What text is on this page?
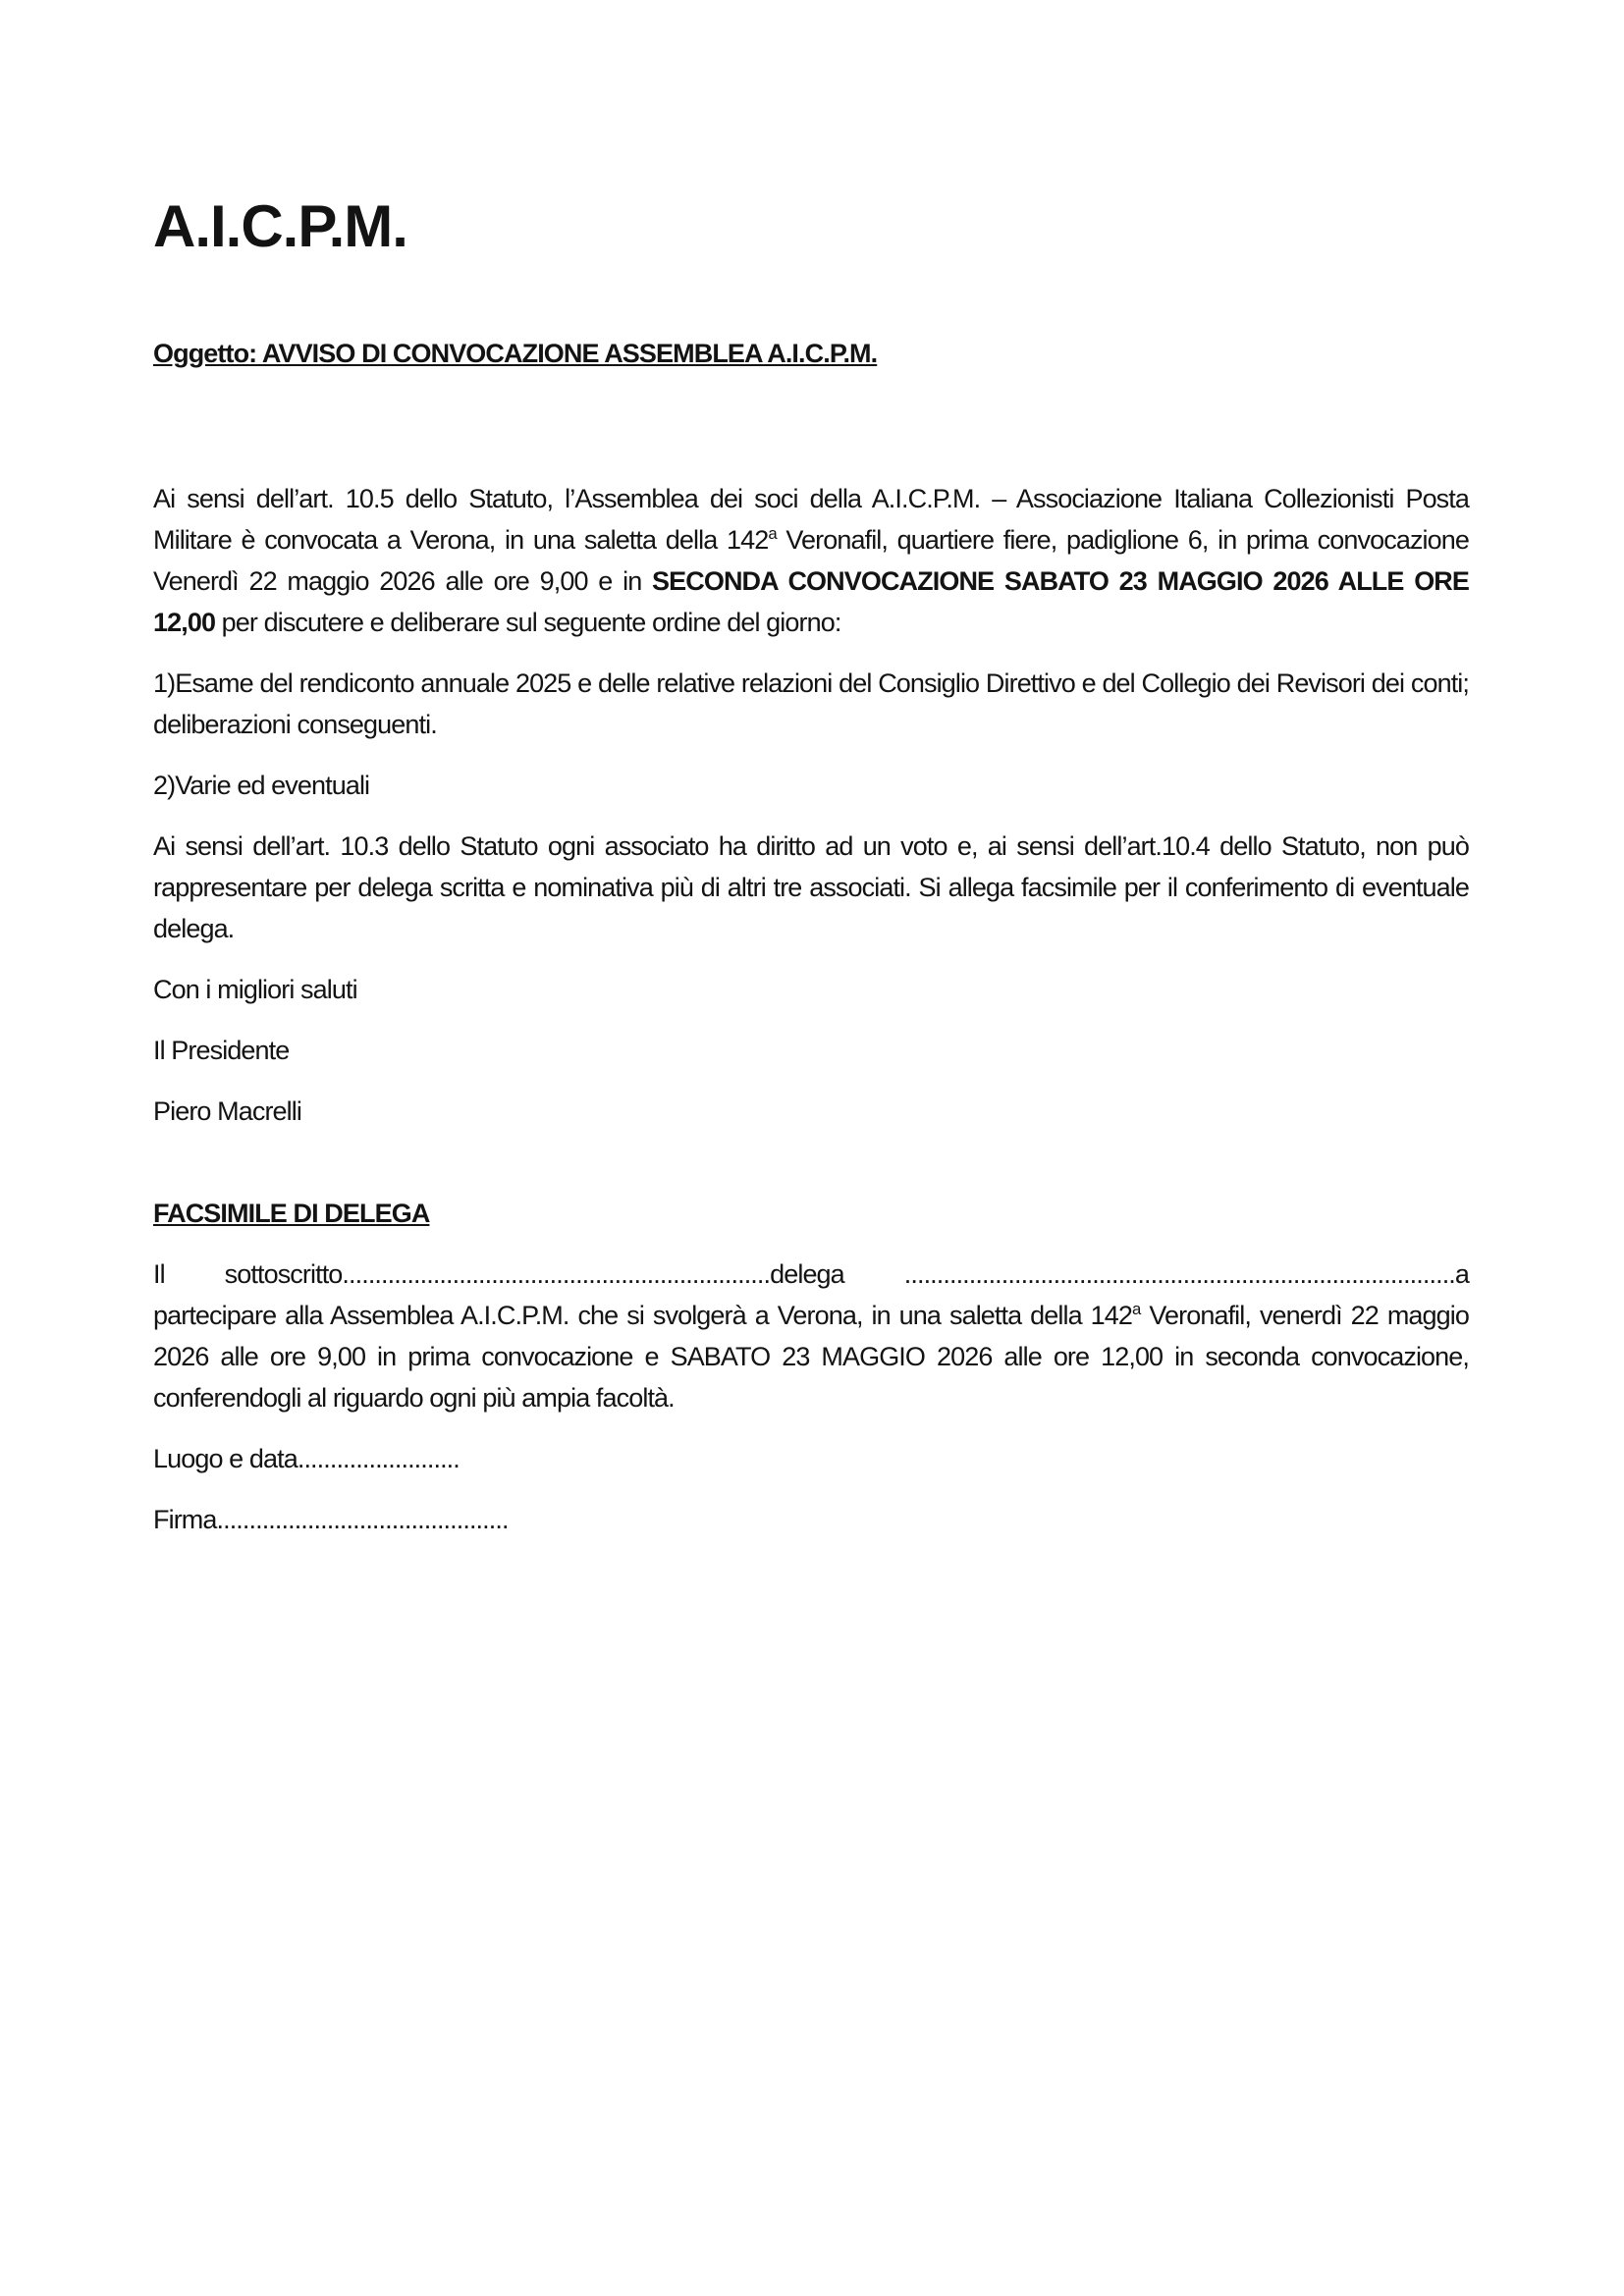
A.I.C.P.M.
Oggetto: AVVISO DI CONVOCAZIONE ASSEMBLEA A.I.C.P.M.

Ai sensi dell’art. 10.5 dello Statuto, l’Assemblea dei soci della A.I.C.P.M. – Associazione Italiana Collezionisti Posta Militare è convocata a Verona, in una saletta della 142$^a$ Veronafil, quartiere fiere, padiglione 6, in prima convocazione Venerdì 22 maggio 2026 alle ore 9,00 e in SECONDA CONVOCAZIONE SABATO 23 MAGGIO 2026 ALLE ORE 12,00 per discutere e deliberare sul seguente ordine del giorno:

1)Esame del rendiconto annuale 2025 e delle relative relazioni del Consiglio Direttivo e del Collegio dei Revisori dei conti; deliberazioni conseguenti.

2)Varie ed eventuali

Ai sensi dell’art. 10.3 dello Statuto ogni associato ha diritto ad un voto e, ai sensi dell’art.10.4 dello Statuto, non può rappresentare per delega scritta e nominativa più di altri tre associati. Si allega facsimile per il conferimento di eventuale delega.

Con i migliori saluti

Il Presidente

Piero Macrelli

FACSIMILE DI DELEGA

Il sottoscritto..................................................................delega .....................................................................................a partecipare alla Assemblea A.I.C.P.M. che si svolgerà a Verona, in una saletta della 142$^a$ Veronafil, venerdì 22 maggio 2026 alle ore 9,00 in prima convocazione e SABATO 23 MAGGIO 2026 alle ore 12,00 in seconda convocazione, conferendogli al riguardo ogni più ampia facoltà.

Luogo e data.........................

Firma.............................................
